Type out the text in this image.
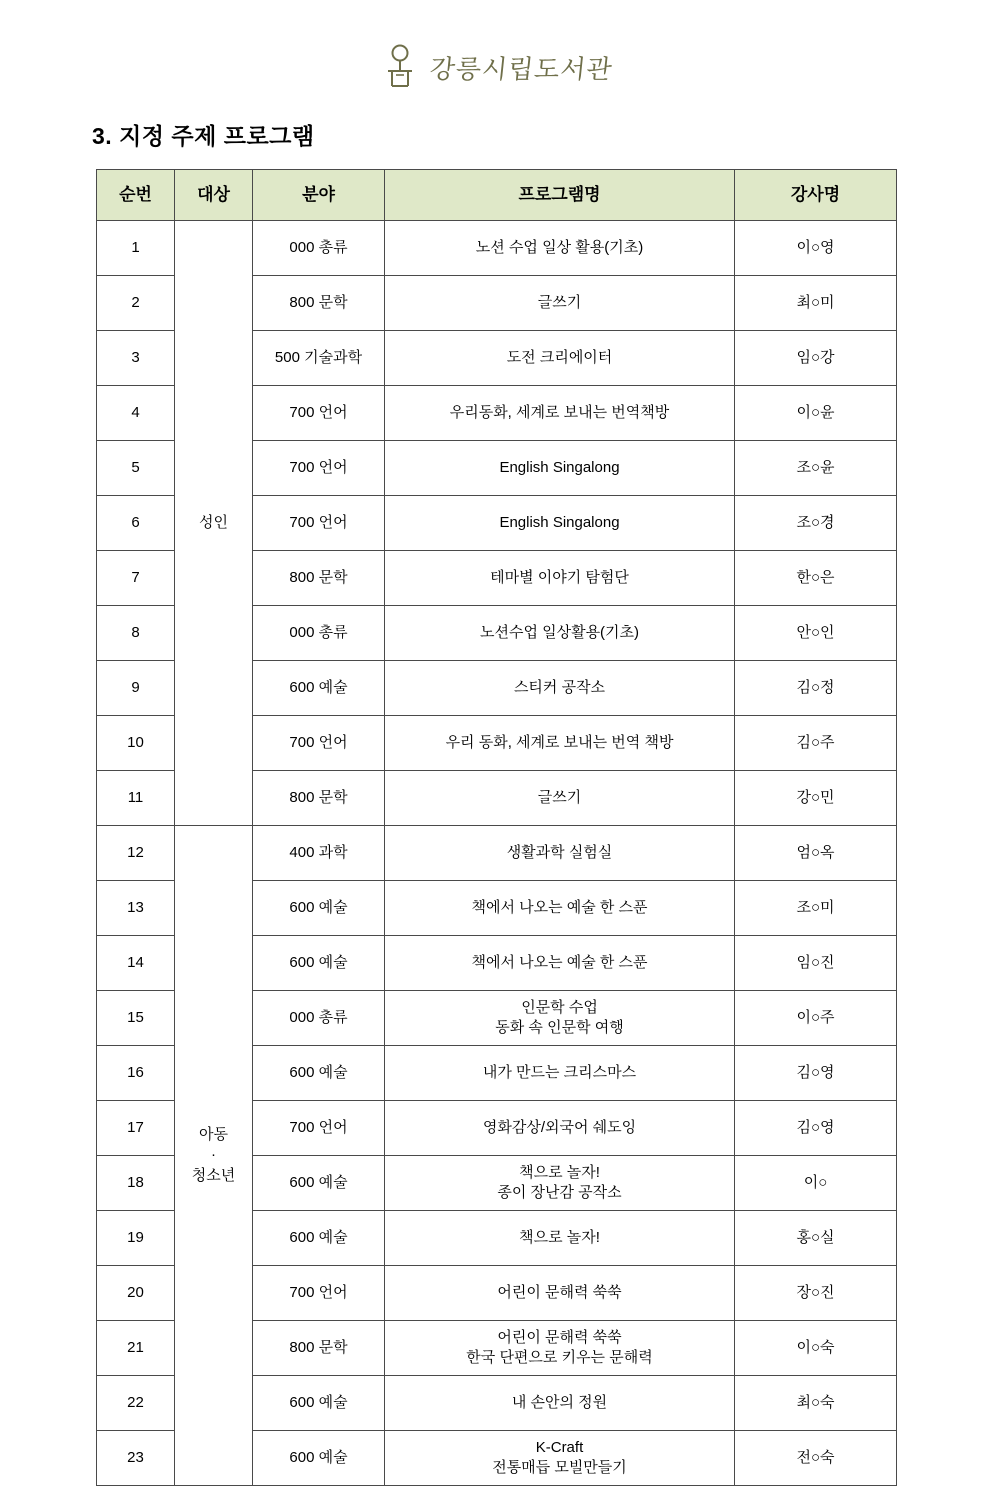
강릉시립도서관
3. 지정 주제 프로그램
순번	대상	분야	프로그램명	강사명
1	성인	000 총류	노션 수업 일상 활용(기초)	이○영
2		800 문학	글쓰기	최○미
3		500 기술과학	도전 크리에이터	임○강
4		700 언어	우리동화, 세계로 보내는 번역책방	이○윤
5		700 언어	English Singalong	조○윤
6		700 언어	English Singalong	조○경
7		800 문학	테마별 이야기 탐험단	한○은
8		000 총류	노션수업 일상활용(기초)	안○인
9		600 예술	스티커 공작소	김○정
10		700 언어	우리 동화, 세계로 보내는 번역 책방	김○주
11		800 문학	글쓰기	강○민
12	아동
·
청소년	400 과학	생활과학 실험실	엄○옥
13		600 예술	책에서 나오는 예술 한 스푼	조○미
14		600 예술	책에서 나오는 예술 한 스푼	임○진
15		000 총류	인문학 수업
동화 속 인문학 여행	이○주
16		600 예술	내가 만드는 크리스마스	김○영
17		700 언어	영화감상/외국어 쉐도잉	김○영
18		600 예술	책으로 놀자!
종이 장난감 공작소	이○
19		600 예술	책으로 놀자!	홍○실
20		700 언어	어린이 문해력 쑥쑥	장○진
21		800 문학	어린이 문해력 쑥쑥
한국 단편으로 키우는 문해력	이○숙
22		600 예술	내 손안의 정원	최○숙
23		600 예술	K-Craft
전통매듭 모빌만들기	전○숙
